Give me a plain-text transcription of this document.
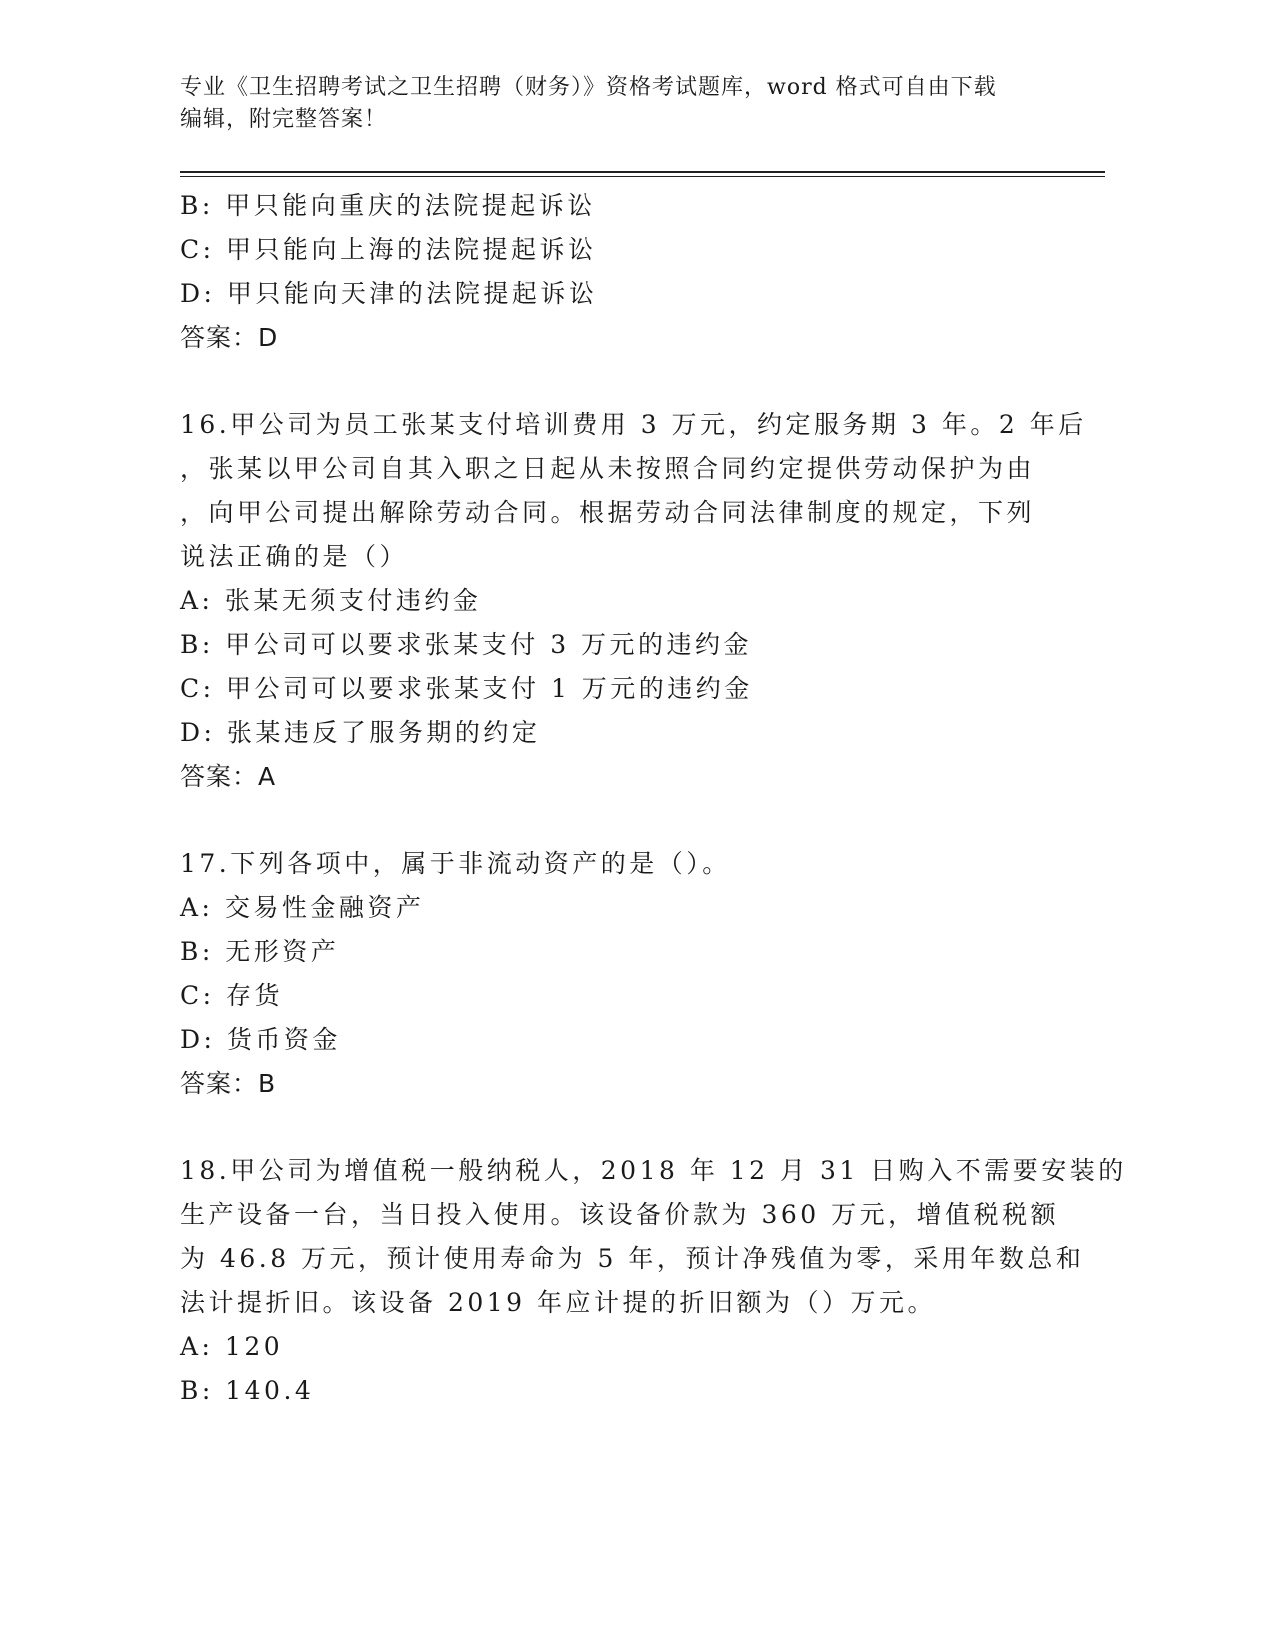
专业《卫生招聘考试之卫生招聘（财务）》资格考试题库，word 格式可自由下载
编辑，附完整答案！
B: 甲只能向重庆的法院提起诉讼
C: 甲只能向上海的法院提起诉讼
D: 甲只能向天津的法院提起诉讼
答案：D
16.甲公司为员工张某支付培训费用 3 万元，约定服务期 3 年。2 年后
，张某以甲公司自其入职之日起从未按照合同约定提供劳动保护为由
，向甲公司提出解除劳动合同。根据劳动合同法律制度的规定，下列
说法正确的是（）
A: 张某无须支付违约金
B: 甲公司可以要求张某支付 3 万元的违约金
C: 甲公司可以要求张某支付 1 万元的违约金
D: 张某违反了服务期的约定
答案：A
17.下列各项中，属于非流动资产的是（）。
A: 交易性金融资产
B: 无形资产
C: 存货
D: 货币资金
答案：B
18.甲公司为增值税一般纳税人，2018 年 12 月 31 日购入不需要安装的
生产设备一台，当日投入使用。该设备价款为 360 万元，增值税税额
为 46.8 万元，预计使用寿命为 5 年，预计净残值为零，采用年数总和
法计提折旧。该设备 2019 年应计提的折旧额为（）万元。
A: 120
B: 140.4
